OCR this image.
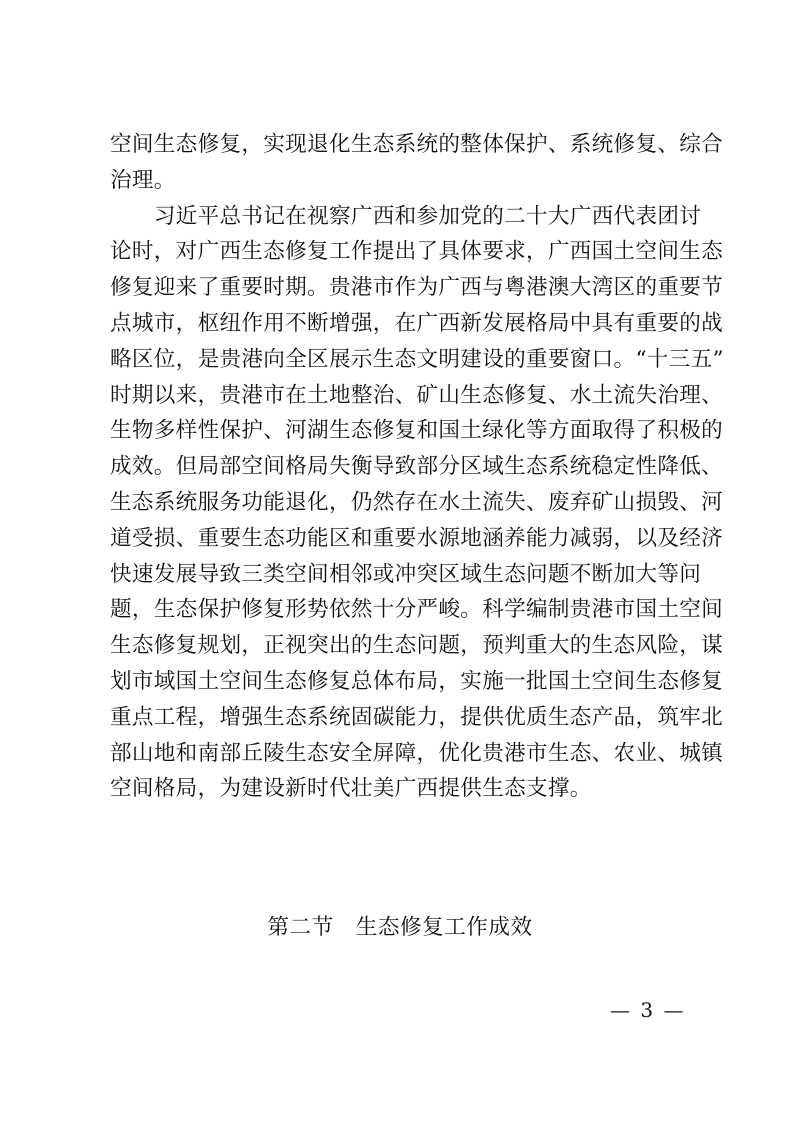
空间生态修复，实现退化生态系统的整体保护、系统修复、综合
治理。
　　习近平总书记在视察广西和参加党的二十大广西代表团讨
论时，对广西生态修复工作提出了具体要求，广西国土空间生态
修复迎来了重要时期。贵港市作为广西与粤港澳大湾区的重要节
点城市，枢纽作用不断增强，在广西新发展格局中具有重要的战
略区位，是贵港向全区展示生态文明建设的重要窗口。“十三五”
时期以来，贵港市在土地整治、矿山生态修复、水土流失治理、
生物多样性保护、河湖生态修复和国土绿化等方面取得了积极的
成效。但局部空间格局失衡导致部分区域生态系统稳定性降低、
生态系统服务功能退化，仍然存在水土流失、废弃矿山损毁、河
道受损、重要生态功能区和重要水源地涵养能力减弱，以及经济
快速发展导致三类空间相邻或冲突区域生态问题不断加大等问
题，生态保护修复形势依然十分严峻。科学编制贵港市国土空间
生态修复规划，正视突出的生态问题，预判重大的生态风险，谋
划市域国土空间生态修复总体布局，实施一批国土空间生态修复
重点工程，增强生态系统固碳能力，提供优质生态产品，筑牢北
部山地和南部丘陵生态安全屏障，优化贵港市生态、农业、城镇
空间格局，为建设新时代壮美广西提供生态支撑。
第二节　生态修复工作成效
— 3 —
